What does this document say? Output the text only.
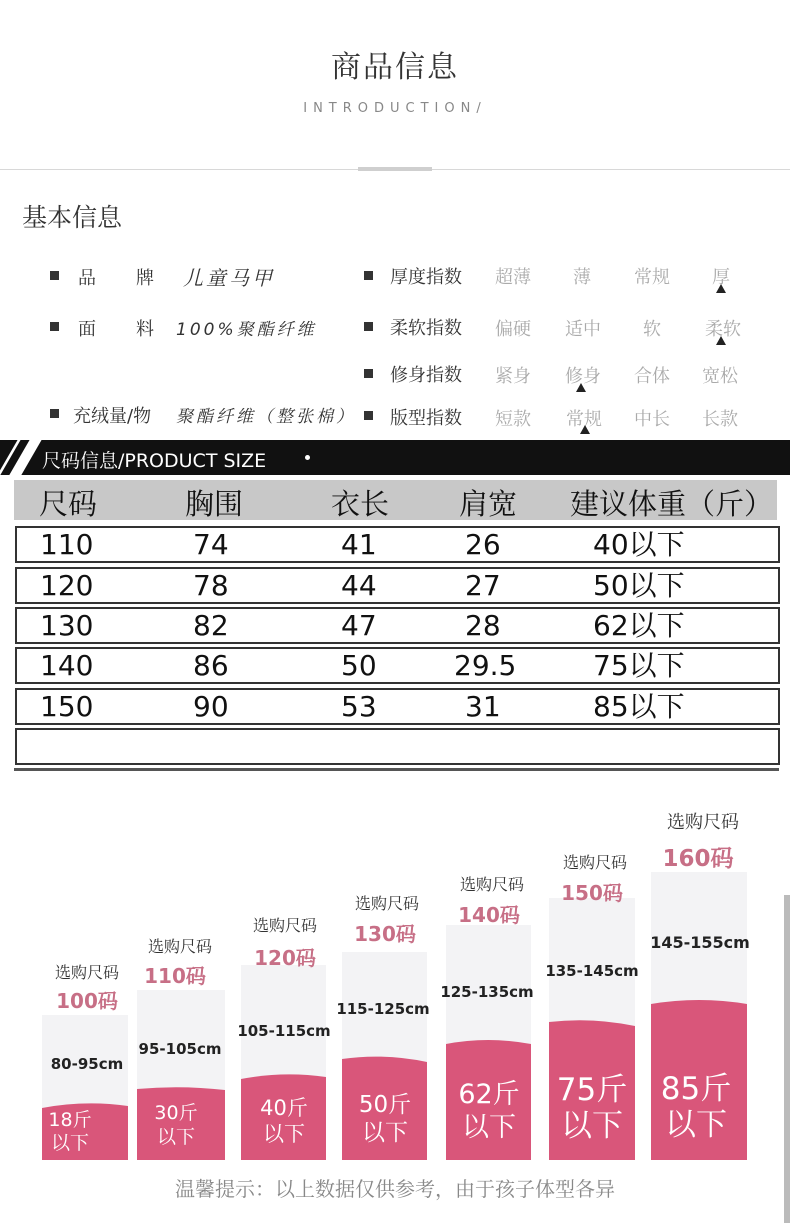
商品信息
INTRODUCTION/
基本信息
品 牌 儿童马甲
面 料 100%聚酯纤维
充绒量/物 聚酯纤维（整张棉）
厚度指数	超薄	薄	常规	厚
柔软指数	偏硬	适中	软	柔软
修身指数	紧身	修身	合体	宽松
版型指数	短款	常规	中长	长款
尺码信息/PRODUCT SIZE
尺码	胸围	衣长 肩宽 建议体重（斤）
110	74	41	26	40以下
120	78	44	27	50以下
130	82	47	28	62以下
140	86	50	29.5	75以下
150	90	53	31	85以下
选购尺码
100码
80-95cm
18斤
以下
选购尺码
110码
95-105cm
30斤
以下
选购尺码
120码
105-115cm
40斤
以下
选购尺码
130码
115-125cm
50斤
以下
选购尺码
140码
125-135cm
62斤
以下
选购尺码
150码
135-145cm
75斤
以下
选购尺码
160码
145-155cm
85斤
以下
温馨提示：以上数据仅供参考，由于孩子体型各异
